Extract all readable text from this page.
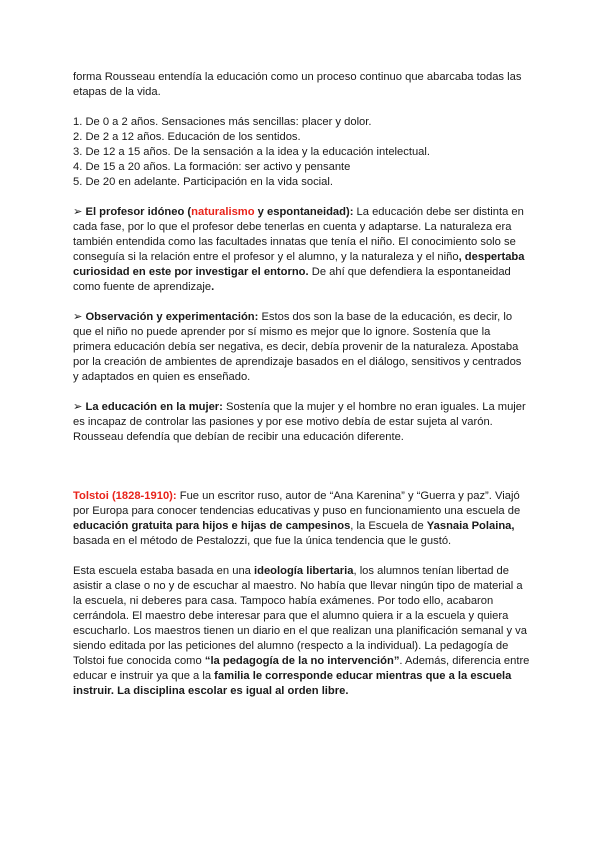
forma Rousseau entendía la educación como un proceso continuo que abarcaba todas las etapas de la vida.

1. De 0 a 2 años. Sensaciones más sencillas: placer y dolor.
2. De 2 a 12 años. Educación de los sentidos.
3. De 12 a 15 años. De la sensación a la idea y la educación intelectual.
4. De 15 a 20 años. La formación: ser activo y pensante
5. De 20 en adelante. Participación en la vida social.

➢ El profesor idóneo (naturalismo y espontaneidad): La educación debe ser distinta en cada fase, por lo que el profesor debe tenerlas en cuenta y adaptarse. La naturaleza era también entendida como las facultades innatas que tenía el niño. El conocimiento solo se conseguía si la relación entre el profesor y el alumno, y la naturaleza y el niño, despertaba curiosidad en este por investigar el entorno. De ahí que defendiera la espontaneidad como fuente de aprendizaje.

➢ Observación y experimentación: Estos dos son la base de la educación, es decir, lo que el niño no puede aprender por sí mismo es mejor que lo ignore. Sostenía que la primera educación debía ser negativa, es decir, debía provenir de la naturaleza. Apostaba por la creación de ambientes de aprendizaje basados en el diálogo, sensitivos y centrados y adaptados en quien es enseñado.

➢ La educación en la mujer: Sostenía que la mujer y el hombre no eran iguales. La mujer es incapaz de controlar las pasiones y por ese motivo debía de estar sujeta al varón. Rousseau defendía que debían de recibir una educación diferente.

Tolstoi (1828-1910): Fue un escritor ruso, autor de “Ana Karenina” y “Guerra y paz”. Viajó por Europa para conocer tendencias educativas y puso en funcionamiento una escuela de educación gratuita para hijos e hijas de campesinos, la Escuela de Yasnaia Polaina, basada en el método de Pestalozzi, que fue la única tendencia que le gustó.

Esta escuela estaba basada en una ideología libertaria, los alumnos tenían libertad de asistir a clase o no y de escuchar al maestro. No había que llevar ningún tipo de material a la escuela, ni deberes para casa. Tampoco había exámenes. Por todo ello, acabaron cerrándola. El maestro debe interesar para que el alumno quiera ir a la escuela y quiera escucharlo. Los maestros tienen un diario en el que realizan una planificación semanal y va siendo editada por las peticiones del alumno (respecto a la individual). La pedagogía de Tolstoi fue conocida como “la pedagogía de la no intervención”. Además, diferencia entre educar e instruir ya que a la familia le corresponde educar mientras que a la escuela instruir. La disciplina escolar es igual al orden libre.
